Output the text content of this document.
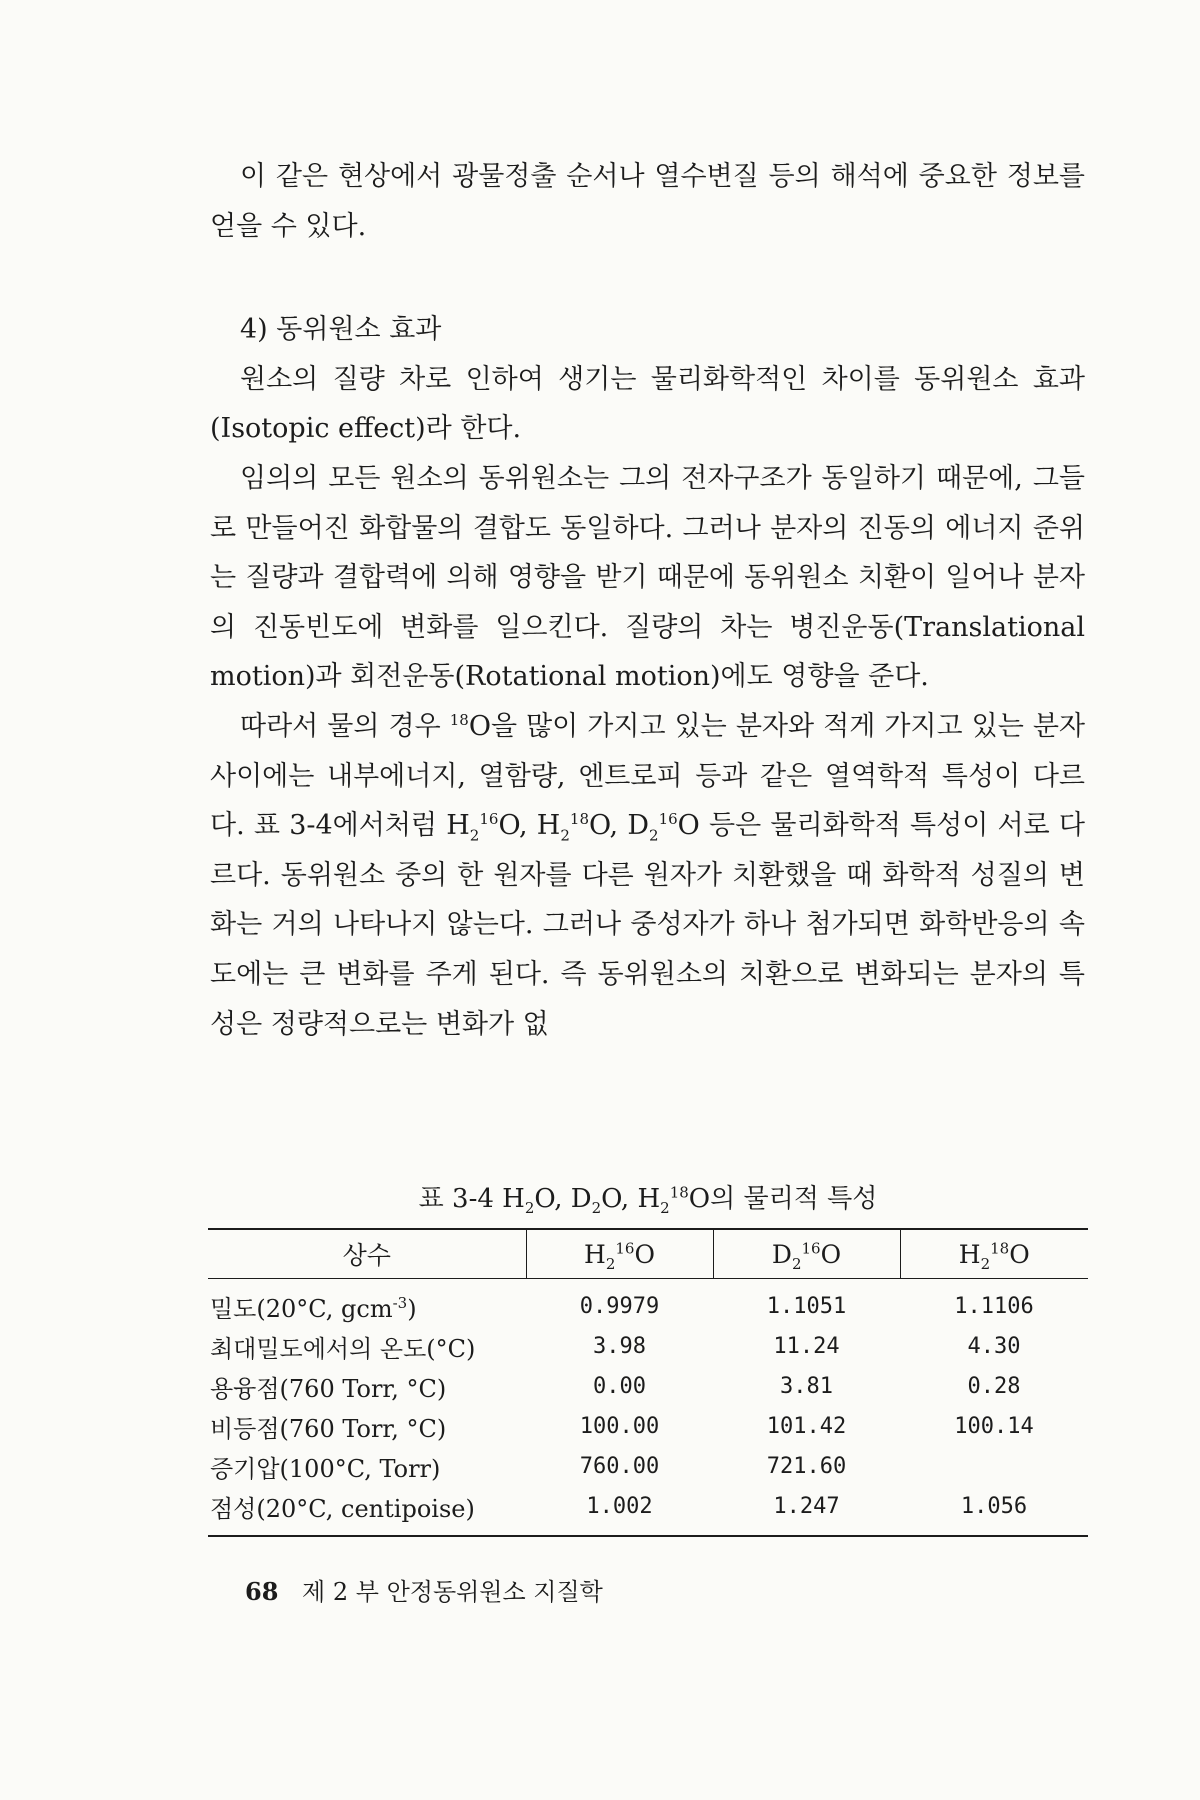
이 같은 현상에서 광물정출 순서나 열수변질 등의 해석에 중요한 정보를 얻을 수 있다.

4) 동위원소 효과

원소의 질량 차로 인하여 생기는 물리화학적인 차이를 동위원소 효과(Isotopic effect)라 한다.

임의의 모든 원소의 동위원소는 그의 전자구조가 동일하기 때문에, 그들로 만들어진 화합물의 결합도 동일하다. 그러나 분자의 진동의 에너지 준위는 질량과 결합력에 의해 영향을 받기 때문에 동위원소 치환이 일어나 분자의 진동빈도에 변화를 일으킨다. 질량의 차는 병진운동(Translational motion)과 회전운동(Rotational motion)에도 영향을 준다.

따라서 물의 경우 $^{18}$O을 많이 가지고 있는 분자와 적게 가지고 있는 분자 사이에는 내부에너지, 열함량, 엔트로피 등과 같은 열역학적 특성이 다르다. 표 3-4에서처럼 $H_2^{16}O$, $H_2^{18}O$, $D_2^{16}O$ 등은 물리화학적 특성이 서로 다르다. 동위원소 중의 한 원자를 다른 원자가 치환했을 때 화학적 성질의 변화는 거의 나타나지 않는다. 그러나 중성자가 하나 첨가되면 화학반응의 속도에는 큰 변화를 주게 된다. 즉 동위원소의 치환으로 변화되는 분자의 특성은 정량적으로는 변화가 없

표 3-4 $H_2O$, $D_2O$, $H_2^{18}O$의 물리적 특성
상수	$H_2^{16}O$	$D_2^{16}O$	$H_2^{18}O$
밀도(20°C, gcm$^{-3}$)	0.9979	1.1051	1.1106
최대밀도에서의 온도(°C)	3.98	11.24	4.30
용융점(760 Torr, °C)	0.00	3.81	0.28
비등점(760 Torr, °C)	100.00	101.42	100.14
증기압(100°C, Torr)	760.00	721.60	
점성(20°C, centipoise)	1.002	1.247	1.056
68 제 2 부 안정동위원소 지질학
